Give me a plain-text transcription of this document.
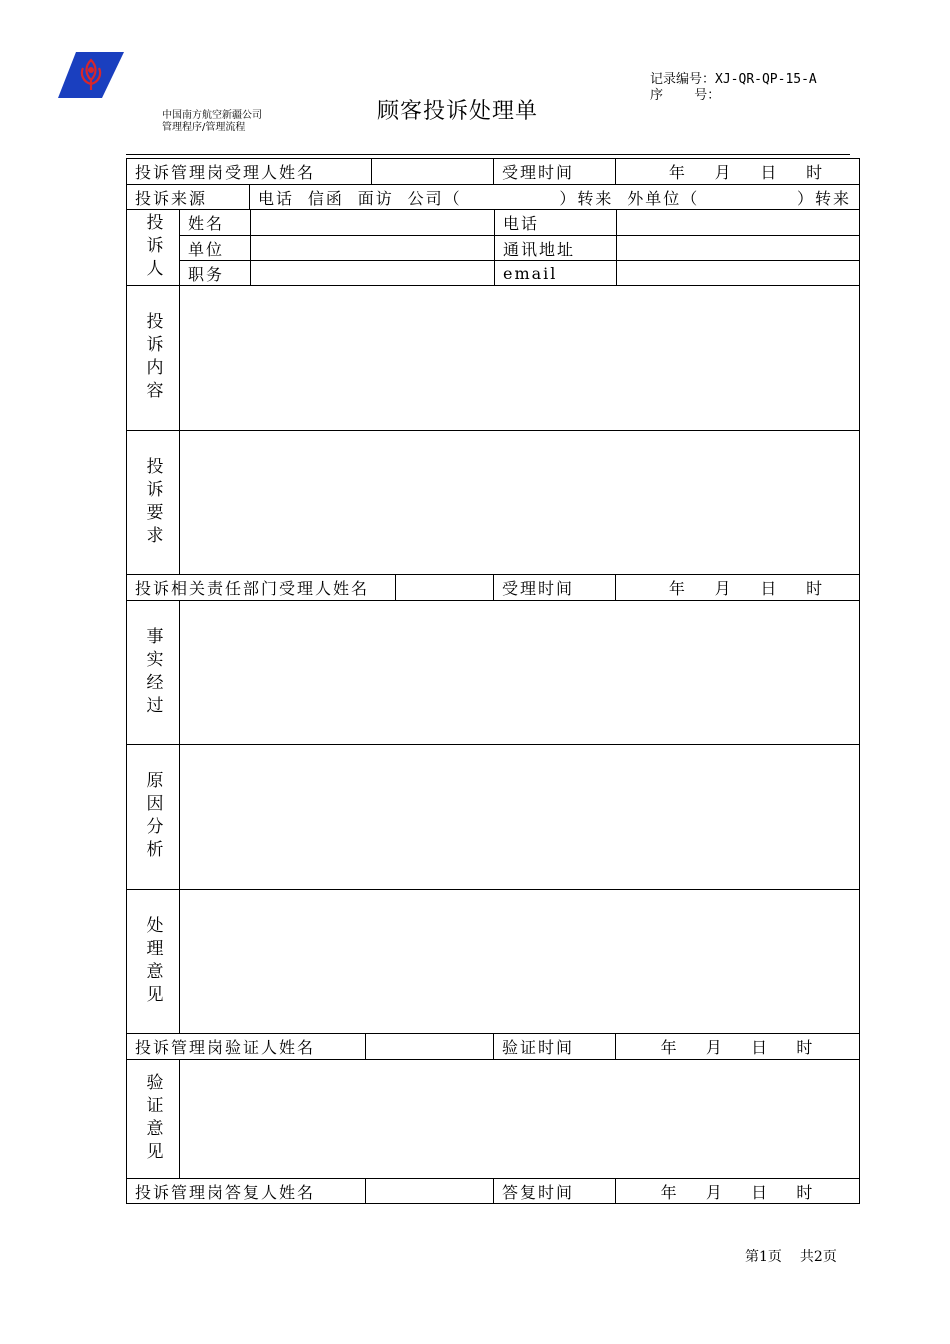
中国南方航空新疆公司
管理程序/管理流程
顾客投诉处理单
记录编号：XJ-QR-QP-15-A
序    号：
投诉管理岗受理人姓名	受理时间	年 月 日 时
投诉来源	电话 信函 面访 公司（	）转来 外单位（	）转来
投诉人	姓名	电话
单位	通讯地址
职务	email
投诉内容
投诉要求
投诉相关责任部门受理人姓名	受理时间	年 月 日 时
事实经过
原因分析
处理意见
投诉管理岗验证人姓名	验证时间	年 月 日 时
验证意见
投诉管理岗答复人姓名	答复时间	年 月 日 时
第1页 共2页
